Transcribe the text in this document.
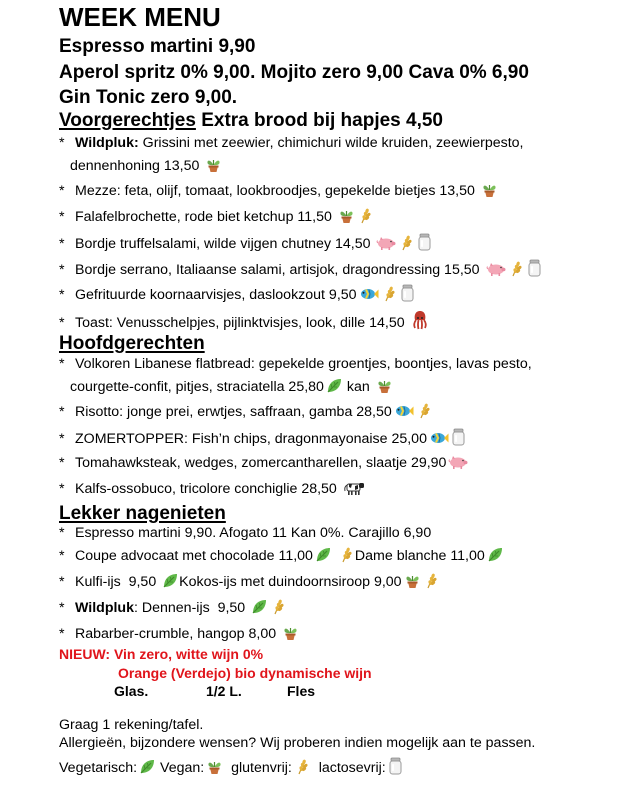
WEEK MENU
Espresso martini 9,90
Aperol spritz 0% 9,00. Mojito zero 9,00 Cava 0% 6,90
Gin Tonic zero 9,00.
Voorgerechtjes Extra brood bij hapjes 4,50
* Wildpluk: Grissini met zeewier, chimichuri wilde kruiden, zeewierpesto,
dennenhoning 13,50
* Mezze: feta, olijf, tomaat, lookbroodjes, gepekelde bietjes 13,50
* Falafelbrochette, rode biet ketchup 11,50
* Bordje truffelsalami, wilde vijgen chutney 14,50
* Bordje serrano, Italiaanse salami, artisjok, dragondressing 15,50
* Gefrituurde koornaarvisjes, daslookzout 9,50
* Toast: Venusschelpjes, pijlinktvisjes, look, dille 14,50
Hoofdgerechten
* Volkoren Libanese flatbread: gepekelde groentjes, boontjes, lavas pesto,
courgette-confit, pitjes, straciatella 25,80 kan
* Risotto: jonge prei, erwtjes, saffraan, gamba 28,50
* ZOMERTOPPER: Fish’n chips, dragonmayonaise 25,00
* Tomahawksteak, wedges, zomercantharellen, slaatje 29,90
* Kalfs-ossobuco, tricolore conchiglie 28,50
Lekker nagenieten
* Espresso martini 9,90. Afogato 11 Kan 0%. Carajillo 6,90
* Coupe advocaat met chocolade 11,00	Dame blanche 11,00
* Kulfi-ijs  9,50 Kokos-ijs met duindoornsiroop 9,00
* Wildpluk: Dennen-ijs  9,50
* Rabarber-crumble, hangop 8,00
NIEUW: Vin zero, witte wijn 0%
Orange (Verdejo) bio dynamische wijn
Glas.	1/2 L.	Fles
Graag 1 rekening/tafel.
Allergieën, bijzondere wensen? Wij proberen indien mogelijk aan te passen.
Vegetarisch: Vegan:  glutenvrij:  lactosevrij:
